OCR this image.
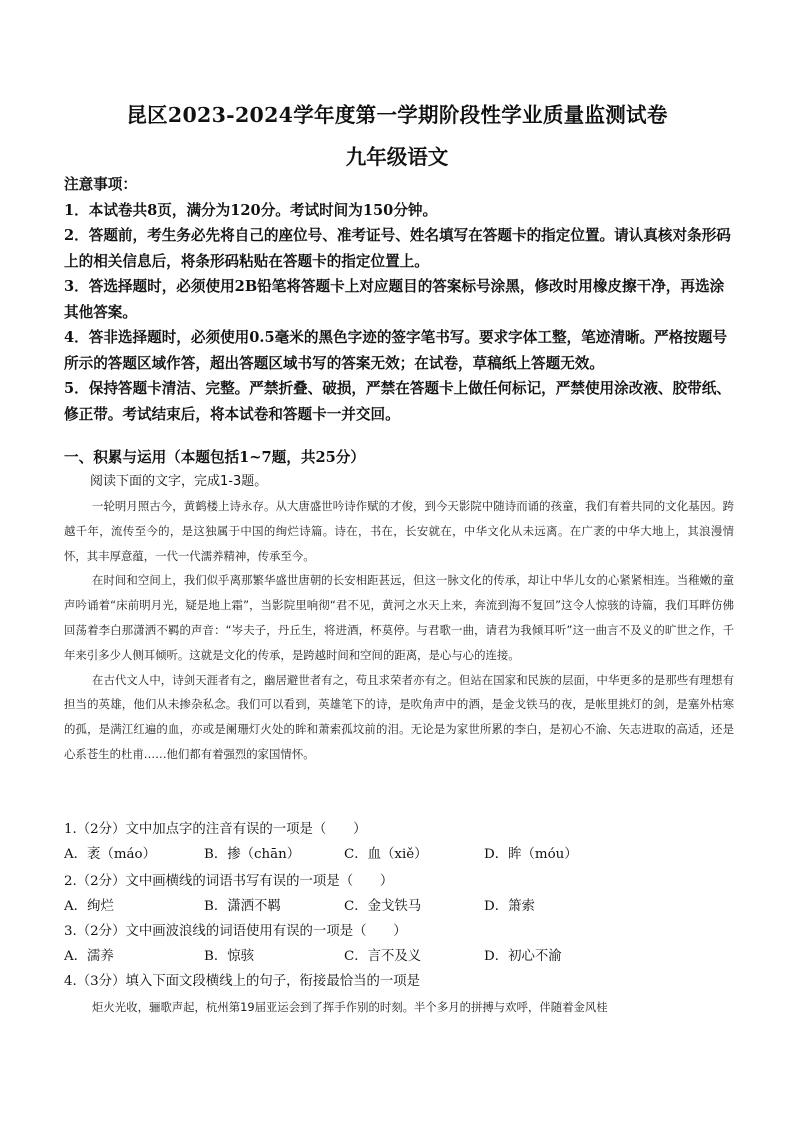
昆区2023-2024学年度第一学期阶段性学业质量监测试卷
九年级语文

注意事项：

1．本试卷共8页，满分为120分。考试时间为150分钟。

2．答题前，考生务必先将自己的座位号、准考证号、姓名填写在答题卡的指定位置。请认真核对条形码上的相关信息后，将条形码粘贴在答题卡的指定位置上。

3．答选择题时，必须使用2B铅笔将答题卡上对应题目的答案标号涂黑，修改时用橡皮擦干净，再选涂其他答案。

4．答非选择题时，必须使用0.5毫米的黑色字迹的签字笔书写。要求字体工整，笔迹清晰。严格按题号所示的答题区域作答，超出答题区域书写的答案无效；在试卷，草稿纸上答题无效。

5．保持答题卡清洁、完整。严禁折叠、破损，严禁在答题卡上做任何标记，严禁使用涂改液、胶带纸、修正带。考试结束后，将本试卷和答题卡一并交回。

一、积累与运用（本题包括1~7题，共25分）
阅读下面的文字，完成1-3题。

一轮明月照古今，黄鹤楼上诗永存。从大唐盛世吟诗作赋的才俊，到今天影院中随诗而诵的孩童，我们有着共同的文化基因。跨越千年，流传至今的，是这独属于中国的绚烂诗篇。诗在，书在，长安就在，中华文化从未远离。在广袤的中华大地上，其浪漫情怀，其丰厚意蕴，一代一代濡养精神，传承至今。

在时间和空间上，我们似乎离那繁华盛世唐朝的长安相距甚远，但这一脉文化的传承，却让中华儿女的心紧紧相连。当稚嫩的童声吟诵着“床前明月光，疑是地上霜”，当影院里响彻“君不见，黄河之水天上来，奔流到海不复回”这令人惊骇的诗篇，我们耳畔仿佛回荡着李白那潇洒不羁的声音：“岑夫子，丹丘生，将进酒，杯莫停。与君歌一曲，请君为我倾耳听”这一曲言不及义的旷世之作，千年来引多少人侧耳倾听。这就是文化的传承，是跨越时间和空间的距离，是心与心的连接。

在古代文人中，诗剑天涯者有之，幽居避世者有之，苟且求荣者亦有之。但站在国家和民族的层面，中华更多的是那些有理想有担当的英雄，他们从未掺杂私念。我们可以看到，英雄笔下的诗，是吹角声中的酒，是金戈铁马的夜，是帐里挑灯的剑，是塞外枯寒的孤，是满江红遍的血，亦或是阑珊灯火处的眸和萧索孤坟前的泪。无论是为家世所累的李白，是初心不渝、矢志进取的高适，还是心系苍生的杜甫……他们都有着强烈的家国情怀。

1.（2分）文中加点字的注音有误的一项是（　　）
A．袤（máo）	B．掺（chān）	C．血（xiě）	D．眸（móu）
2.（2分）文中画横线的词语书写有误的一项是（　　）
A．绚烂	B．潇洒不羁	C．金戈铁马	D．箫索
3.（2分）文中画波浪线的词语使用有误的一项是（　　）
A．濡养	B．惊骇	C．言不及义	D．初心不渝
4.（3分）填入下面文段横线上的句子，衔接最恰当的一项是

炬火光收，骊歌声起，杭州第19届亚运会到了挥手作别的时刻。半个多月的拼搏与欢呼，伴随着金风桂
